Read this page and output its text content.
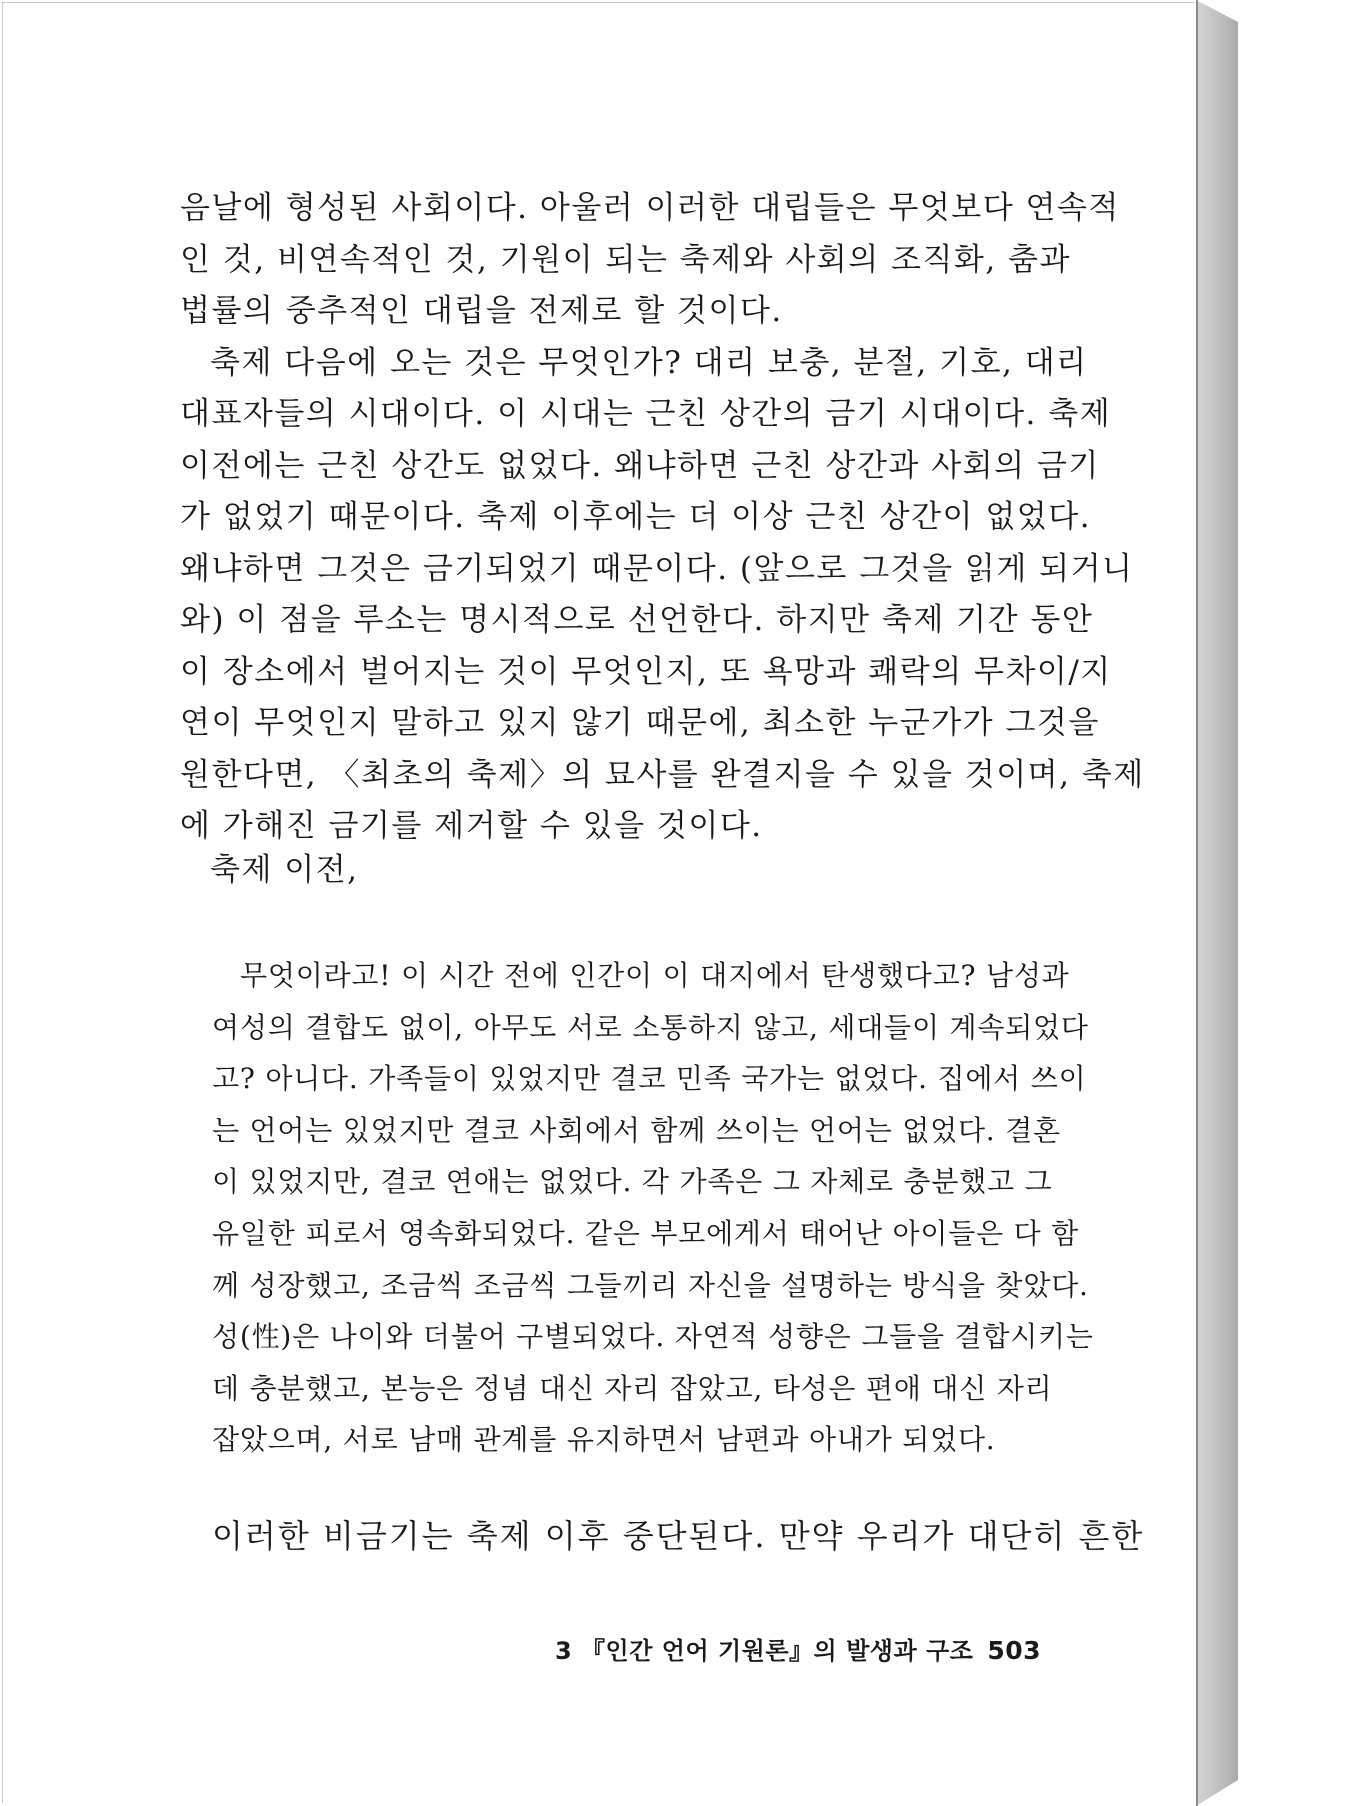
음날에 형성된 사회이다. 아울러 이러한 대립들은 무엇보다 연속적
인 것, 비연속적인 것, 기원이 되는 축제와 사회의 조직화, 춤과
법률의 중추적인 대립을 전제로 할 것이다.
축제 다음에 오는 것은 무엇인가? 대리 보충, 분절, 기호, 대리
대표자들의 시대이다. 이 시대는 근친 상간의 금기 시대이다. 축제
이전에는 근친 상간도 없었다. 왜냐하면 근친 상간과 사회의 금기
가 없었기 때문이다. 축제 이후에는 더 이상 근친 상간이 없었다.
왜냐하면 그것은 금기되었기 때문이다. (앞으로 그것을 읽게 되거니
와) 이 점을 루소는 명시적으로 선언한다. 하지만 축제 기간 동안
이 장소에서 벌어지는 것이 무엇인지, 또 욕망과 쾌락의 무차이/지
연이 무엇인지 말하고 있지 않기 때문에, 최소한 누군가가 그것을
원한다면, 〈최초의 축제〉의 묘사를 완결지을 수 있을 것이며, 축제
에 가해진 금기를 제거할 수 있을 것이다.
축제 이전,
무엇이라고! 이 시간 전에 인간이 이 대지에서 탄생했다고? 남성과
여성의 결합도 없이, 아무도 서로 소통하지 않고, 세대들이 계속되었다
고? 아니다. 가족들이 있었지만 결코 민족 국가는 없었다. 집에서 쓰이
는 언어는 있었지만 결코 사회에서 함께 쓰이는 언어는 없었다. 결혼
이 있었지만, 결코 연애는 없었다. 각 가족은 그 자체로 충분했고 그
유일한 피로서 영속화되었다. 같은 부모에게서 태어난 아이들은 다 함
께 성장했고, 조금씩 조금씩 그들끼리 자신을 설명하는 방식을 찾았다.
성(性)은 나이와 더불어 구별되었다. 자연적 성향은 그들을 결합시키는
데 충분했고, 본능은 정념 대신 자리 잡았고, 타성은 편애 대신 자리
잡았으며, 서로 남매 관계를 유지하면서 남편과 아내가 되었다.
이러한 비금기는 축제 이후 중단된다. 만약 우리가 대단히 흔한
3 『인간 언어 기원론』의 발생과 구조 503
